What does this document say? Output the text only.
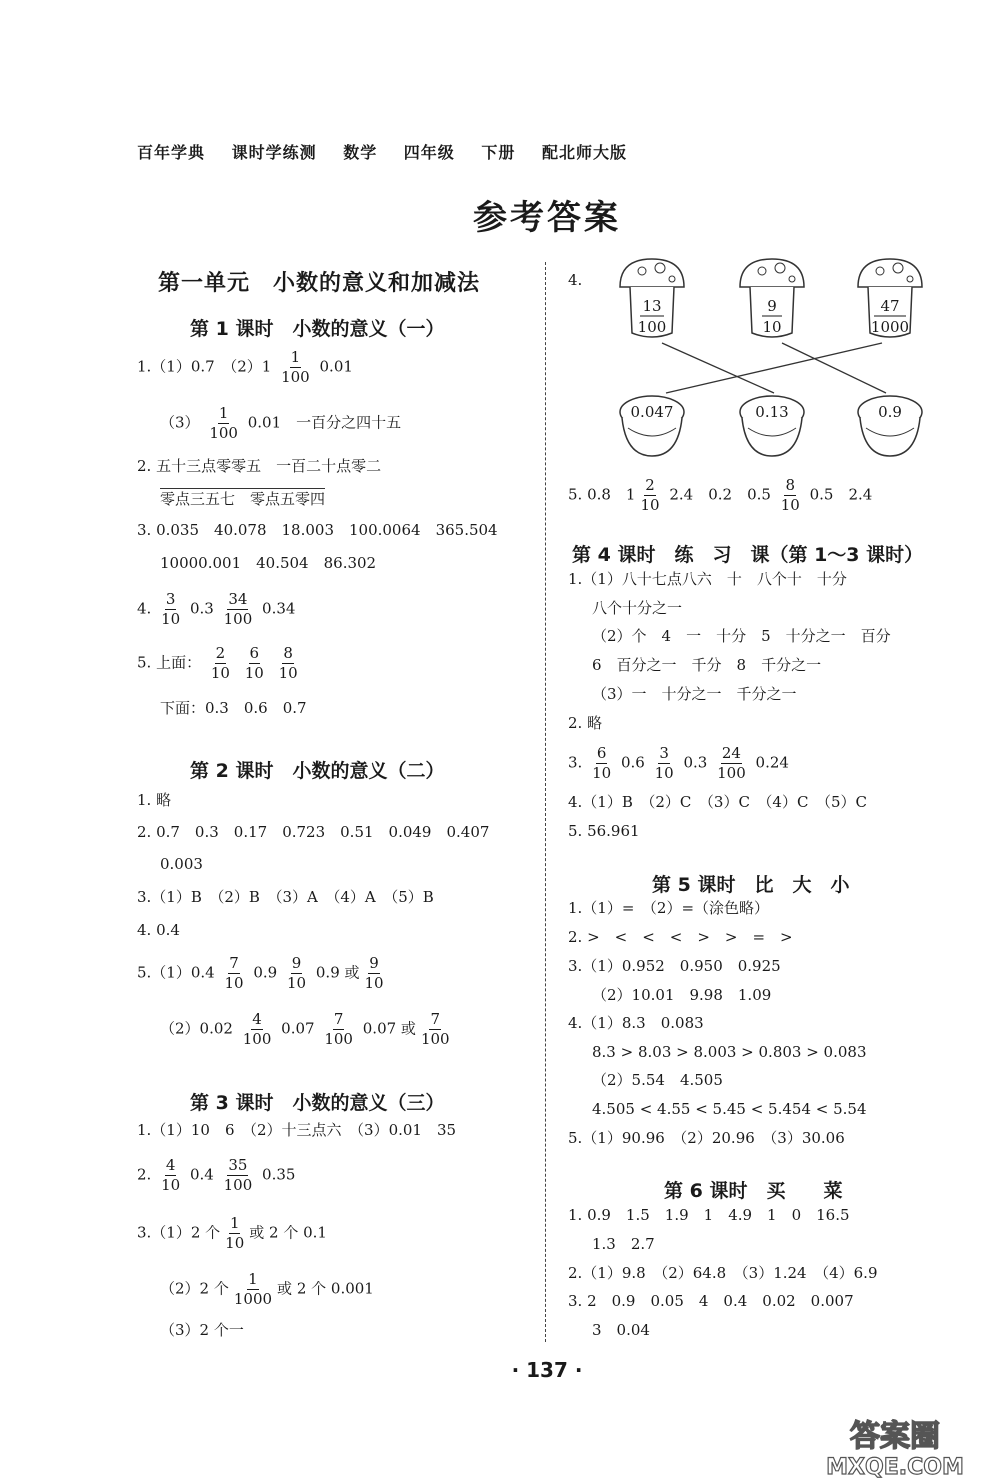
百年学典 课时学练测 数学 四年级 下册 配北师大版
参考答案
第一单元　小数的意义和加减法
第 1 课时　小数的意义（一）
1.（1）0.7　$(2)1 \frac{1}{100} 0.01$
$(3) \frac{1}{100} 0.01$　一百分之四十五
2. 五十三点零零五　一百二十点零二
零点三五七　零点五零四
3. 0.035　40.078　18.003　100.0064　365.504
10000.001　40.504　86.302
4. $\frac{3}{10} 0.3 \frac{34}{100} 0.34$
5. 上面： $\frac{2}{10}$
$\frac{6}{10}$
$\frac{8}{10}$
下面：0.3　0.6　0.7
第 2 课时　小数的意义（二）
1. 略
2. 0.7　0.3　0.17　0.723　0.51　0.049　0.407
0.003
3.（1）B　（2）B　（3）A　（4）A　（5）B
4. 0.4
$5.(1)0.4 \frac{7}{10} 0.9 \frac{9}{10} 0.9$ 或 $\frac{9}{10}$
$(2)0.02 \frac{4}{100} 0.07 \frac{7}{100} 0.07$ 或 $\frac{7}{100}$
第 3 课时　小数的意义（三）
1.（1）10　6　（2）十三点六　（3）0.01　35
2. $\frac{4}{10} 0.4 \frac{35}{100} 0.35$
3.（1）2 个 $\frac{1}{10}$ 或 2 个 0.1
（2）2 个 $\frac{1}{1000}$ 或 2 个 0.001
（3）2 个一
4.
13
100
9
10
47
1000
0.047	0.13	0.9
5. 0.8　$1 \frac{2}{10} 2.4$　0.2　$0.5 \frac{8}{10} 0.5$　2.4
第 4 课时　练　习　课（第 1～3 课时）
1.（1）八十七点八六　十　八个十　十分
八个十分之一
（2）个　4　一　十分　5　十分之一　百分
6　百分之一　千分　8　千分之一
（3）一　十分之一　千分之一
2. 略
3. $\frac{6}{10} 0.6 \frac{3}{10} 0.3 \frac{24}{100} 0.24$
4.（1）B　（2）C　（3）C　（4）C　（5）C
5. 56.961
第 5 课时　比　大　小
1.（1）=　（2）=（涂色略）
2. >　<　<　<　>　>　=　>
3.（1）0.952　0.950　0.925
（2）10.01　9.98　1.09
4.（1）8.3　0.083
8.3 > 8.03 > 8.003 > 0.803 > 0.083
（2）5.54　4.505
4.505 < 4.55 < 5.45 < 5.454 < 5.54
5.（1）90.96　（2）20.96　（3）30.06
第 6 课时　买　　菜
1. 0.9　1.5　1.9　1　4.9　1　0　16.5
1.3　2.7
2.（1）9.8　（2）64.8　（3）1.24　（4）6.9
3. 2　0.9　0.05　4　0.4　0.02　0.007
3　0.04
· 137 ·
答案圈
MXQE.COM
